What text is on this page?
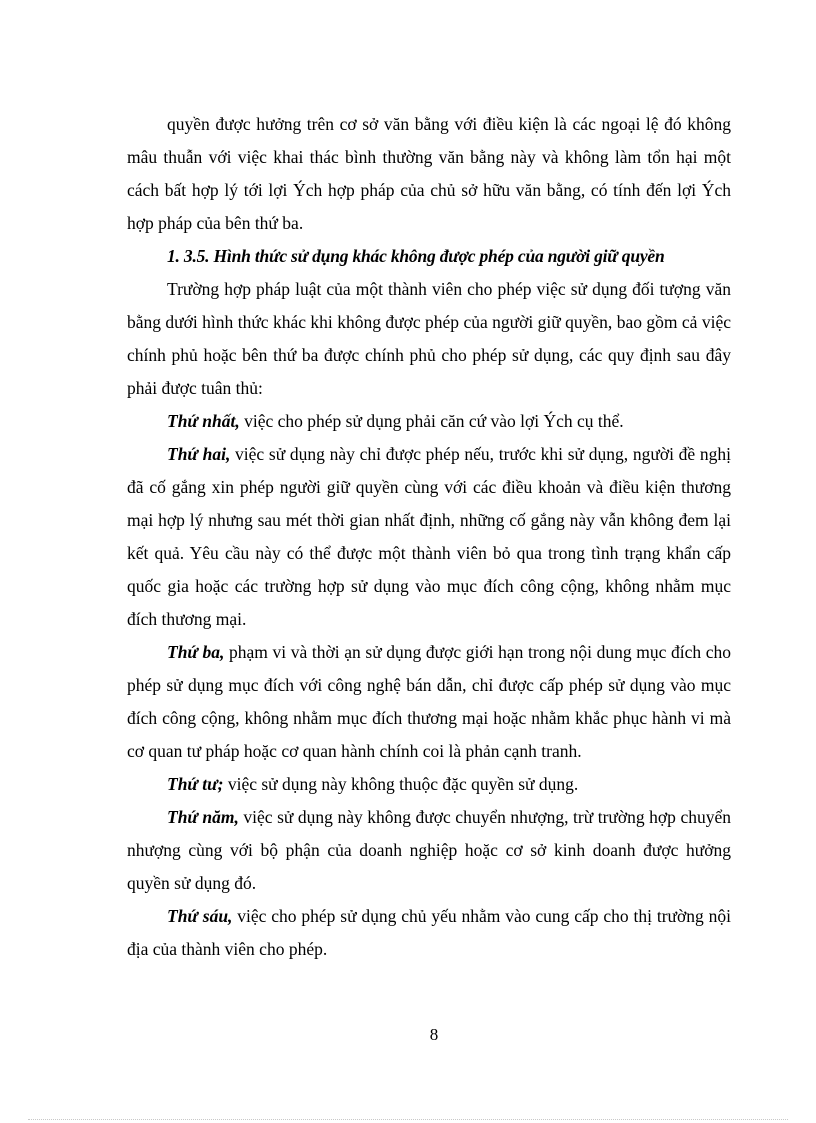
quyền được hưởng trên cơ sở văn bằng với điều kiện là các ngoại lệ đó không mâu thuẫn với việc khai thác bình thường văn bằng này và không làm tổn hại một cách bất hợp lý tới lợi Ých hợp pháp của chủ sở hữu văn bằng, có tính đến lợi Ých hợp pháp của bên thứ ba.

1. 3.5. Hình thức sử dụng khác không được phép của người giữ quyền

Trường hợp pháp luật của một thành viên cho phép việc sử dụng đối tượng văn bằng dưới hình thức khác khi không được phép của người giữ quyền, bao gồm cả việc chính phủ hoặc bên thứ ba được chính phủ cho phép sử dụng, các quy định sau đây phải được tuân thủ:

Thứ nhất, việc cho phép sử dụng phải căn cứ vào lợi Ých cụ thể.

Thứ hai, việc sử dụng này chỉ được phép nếu, trước khi sử dụng, người đề nghị đã cố gắng xin phép người giữ quyền cùng với các điều khoản và điều kiện thương mại hợp lý nhưng sau mét thời gian nhất định, những cố gắng này vẫn không đem lại kết quả. Yêu cầu này có thể được một thành viên bỏ qua trong tình trạng khẩn cấp quốc gia hoặc các trường hợp sử dụng vào mục đích công cộng, không nhằm mục đích thương mại.

Thứ ba, phạm vi và thời ạn sử dụng được giới hạn trong nội dung mục đích cho phép sử dụng mục đích với công nghệ bán dẫn, chỉ được cấp phép sử dụng vào mục đích công cộng, không nhằm mục đích thương mại hoặc nhằm khắc phục hành vi mà cơ quan tư pháp hoặc cơ quan hành chính coi là phản cạnh tranh.

Thứ tư; việc sử dụng này không thuộc đặc quyền sử dụng.

Thứ năm, việc sử dụng này không được chuyển nhượng, trừ trường hợp chuyển nhượng cùng với bộ phận của doanh nghiệp hoặc cơ sở kinh doanh được hưởng quyền sử dụng đó.

Thứ sáu, việc cho phép sử dụng chủ yếu nhằm vào cung cấp cho thị trường nội địa của thành viên cho phép.

8
